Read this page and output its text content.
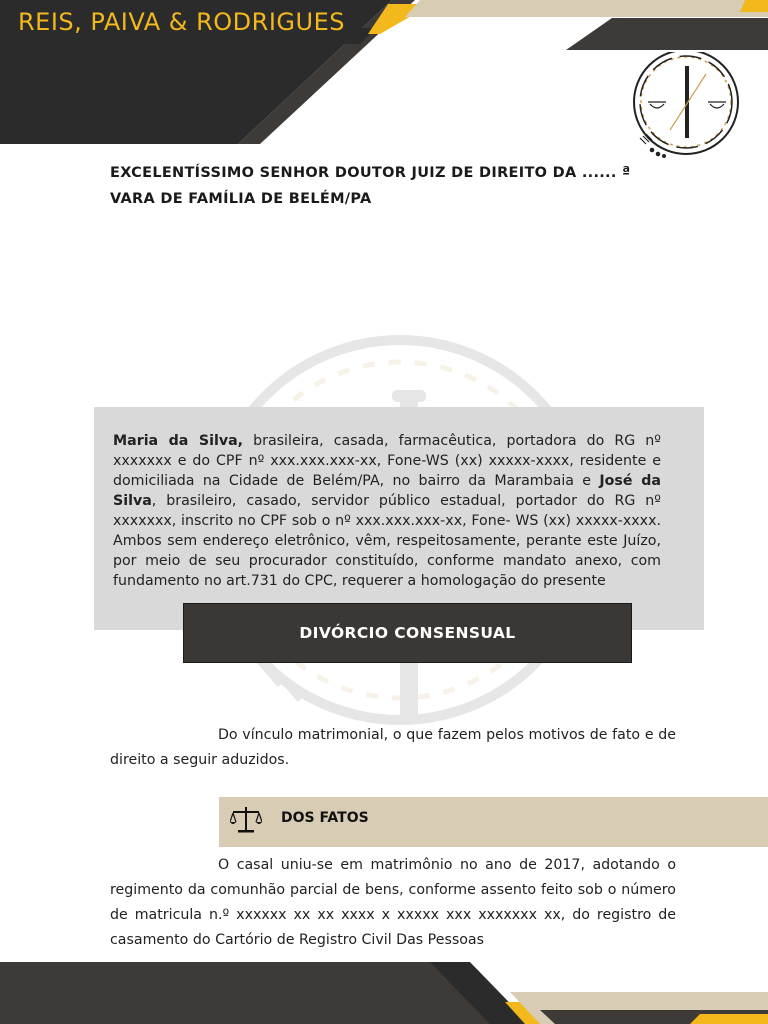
REIS, PAIVA & RODRIGUES
EXCELENTÍSSIMO SENHOR DOUTOR JUIZ DE DIREITO DA ...... ª
VARA DE FAMÍLIA DE BELÉM/PA
Maria da Silva, brasileira, casada, farmacêutica, portadora do RG nº xxxxxxx e do CPF nº xxx.xxx.xxx-xx, Fone-WS (xx) xxxxx-xxxx, residente e domiciliada na Cidade de Belém/PA, no bairro da Marambaia e José da Silva, brasileiro, casado, servidor público estadual, portador do RG nº xxxxxxx, inscrito no CPF sob o nº xxx.xxx.xxx-xx, Fone- WS (xx) xxxxx-xxxx. Ambos sem endereço eletrônico, vêm, respeitosamente, perante este Juízo, por meio de seu procurador constituído, conforme mandato anexo, com fundamento no art.731 do CPC, requerer a homologação do presente
DIVÓRCIO CONSENSUAL
Do vínculo matrimonial, o que fazem pelos motivos de fato e de direito a seguir aduzidos.
DOS FATOS
O casal uniu-se em matrimônio no ano de 2017, adotando o regimento da comunhão parcial de bens, conforme assento feito sob o número de matricula n.º xxxxxx xx xx xxxx x xxxxx xxx xxxxxxx xx, do registro de casamento do Cartório de Registro Civil Das Pessoas
